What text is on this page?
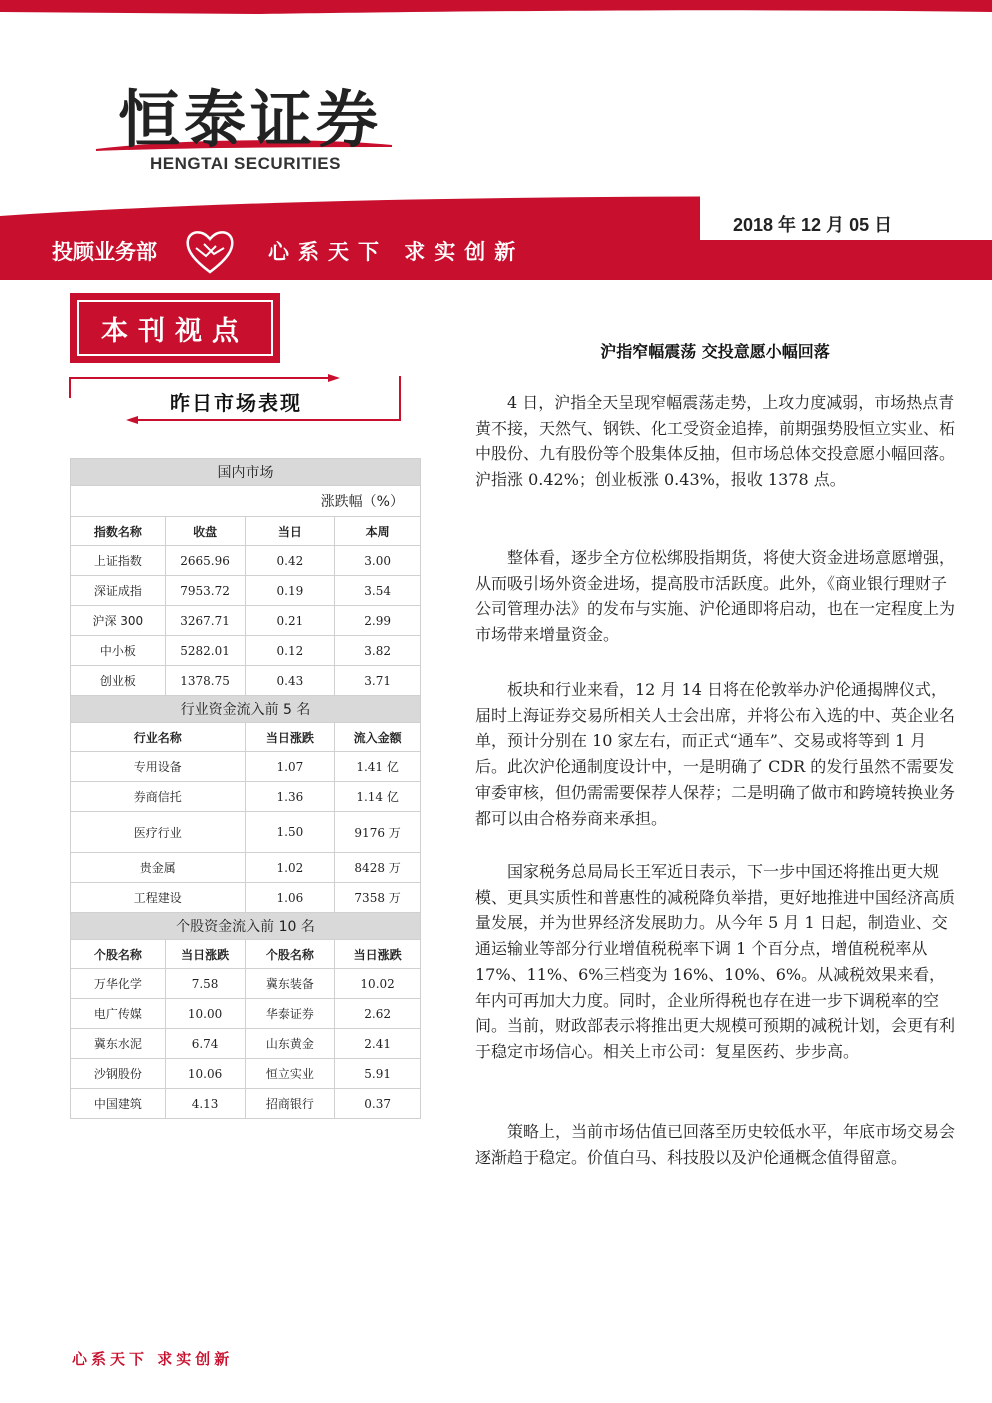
恒泰证券
HENGTAI SECURITIES
2018 年 12 月 05 日
投顾业务部	心系天下 求实创新
本刊视点
昨日市场表现
国内市场			
涨跌幅（%）			
指数名称	收盘	当日	本周
上证指数	2665.96	0.42	3.00
深证成指	7953.72	0.19	3.54
沪深 300	3267.71	0.21	2.99
中小板	5282.01	0.12	3.82
创业板	1378.75	0.43	3.71
行业资金流入前 5 名			
行业名称		当日涨跌	流入金额
专用设备		1.07	1.41 亿
券商信托		1.36	1.14 亿
医疗行业		1.50	9176 万
贵金属		1.02	8428 万
工程建设		1.06	7358 万
个股资金流入前 10 名			
个股名称	当日涨跌	个股名称	当日涨跌
万华化学	7.58	冀东装备	10.02
电广传媒	10.00	华泰证券	2.62
冀东水泥	6.74	山东黄金	2.41
沙钢股份	10.06	恒立实业	5.91
中国建筑	4.13	招商银行	0.37
沪指窄幅震荡 交投意愿小幅回落

4 日，沪指全天呈现窄幅震荡走势，上攻力度减弱，市场热点青黄不接，天然气、钢铁、化工受资金追捧，前期强势股恒立实业、柘中股份、九有股份等个股集体反抽，但市场总体交投意愿小幅回落。沪指涨 0.42%；创业板涨 0.43%，报收 1378 点。

整体看，逐步全方位松绑股指期货，将使大资金进场意愿增强，从而吸引场外资金进场，提高股市活跃度。此外，《商业银行理财子公司管理办法》的发布与实施、沪伦通即将启动，也在一定程度上为市场带来增量资金。

板块和行业来看，12 月 14 日将在伦敦举办沪伦通揭牌仪式，届时上海证券交易所相关人士会出席，并将公布入选的中、英企业名单，预计分别在 10 家左右，而正式“通车”、交易或将等到 1 月后。此次沪伦通制度设计中，一是明确了 CDR 的发行虽然不需要发审委审核，但仍需需要保荐人保荐；二是明确了做市和跨境转换业务都可以由合格券商来承担。

国家税务总局局长王军近日表示，下一步中国还将推出更大规模、更具实质性和普惠性的减税降负举措，更好地推进中国经济高质量发展，并为世界经济发展助力。从今年 5 月 1 日起，制造业、交通运输业等部分行业增值税税率下调 1 个百分点，增值税税率从 17%、11%、6%三档变为 16%、10%、6%。从减税效果来看，年内可再加大力度。同时，企业所得税也存在进一步下调税率的空间。当前，财政部表示将推出更大规模可预期的减税计划，会更有利于稳定市场信心。相关上市公司：复星医药、步步高。

策略上，当前市场估值已回落至历史较低水平，年底市场交易会逐渐趋于稳定。价值白马、科技股以及沪伦通概念值得留意。

心系天下 求实创新
